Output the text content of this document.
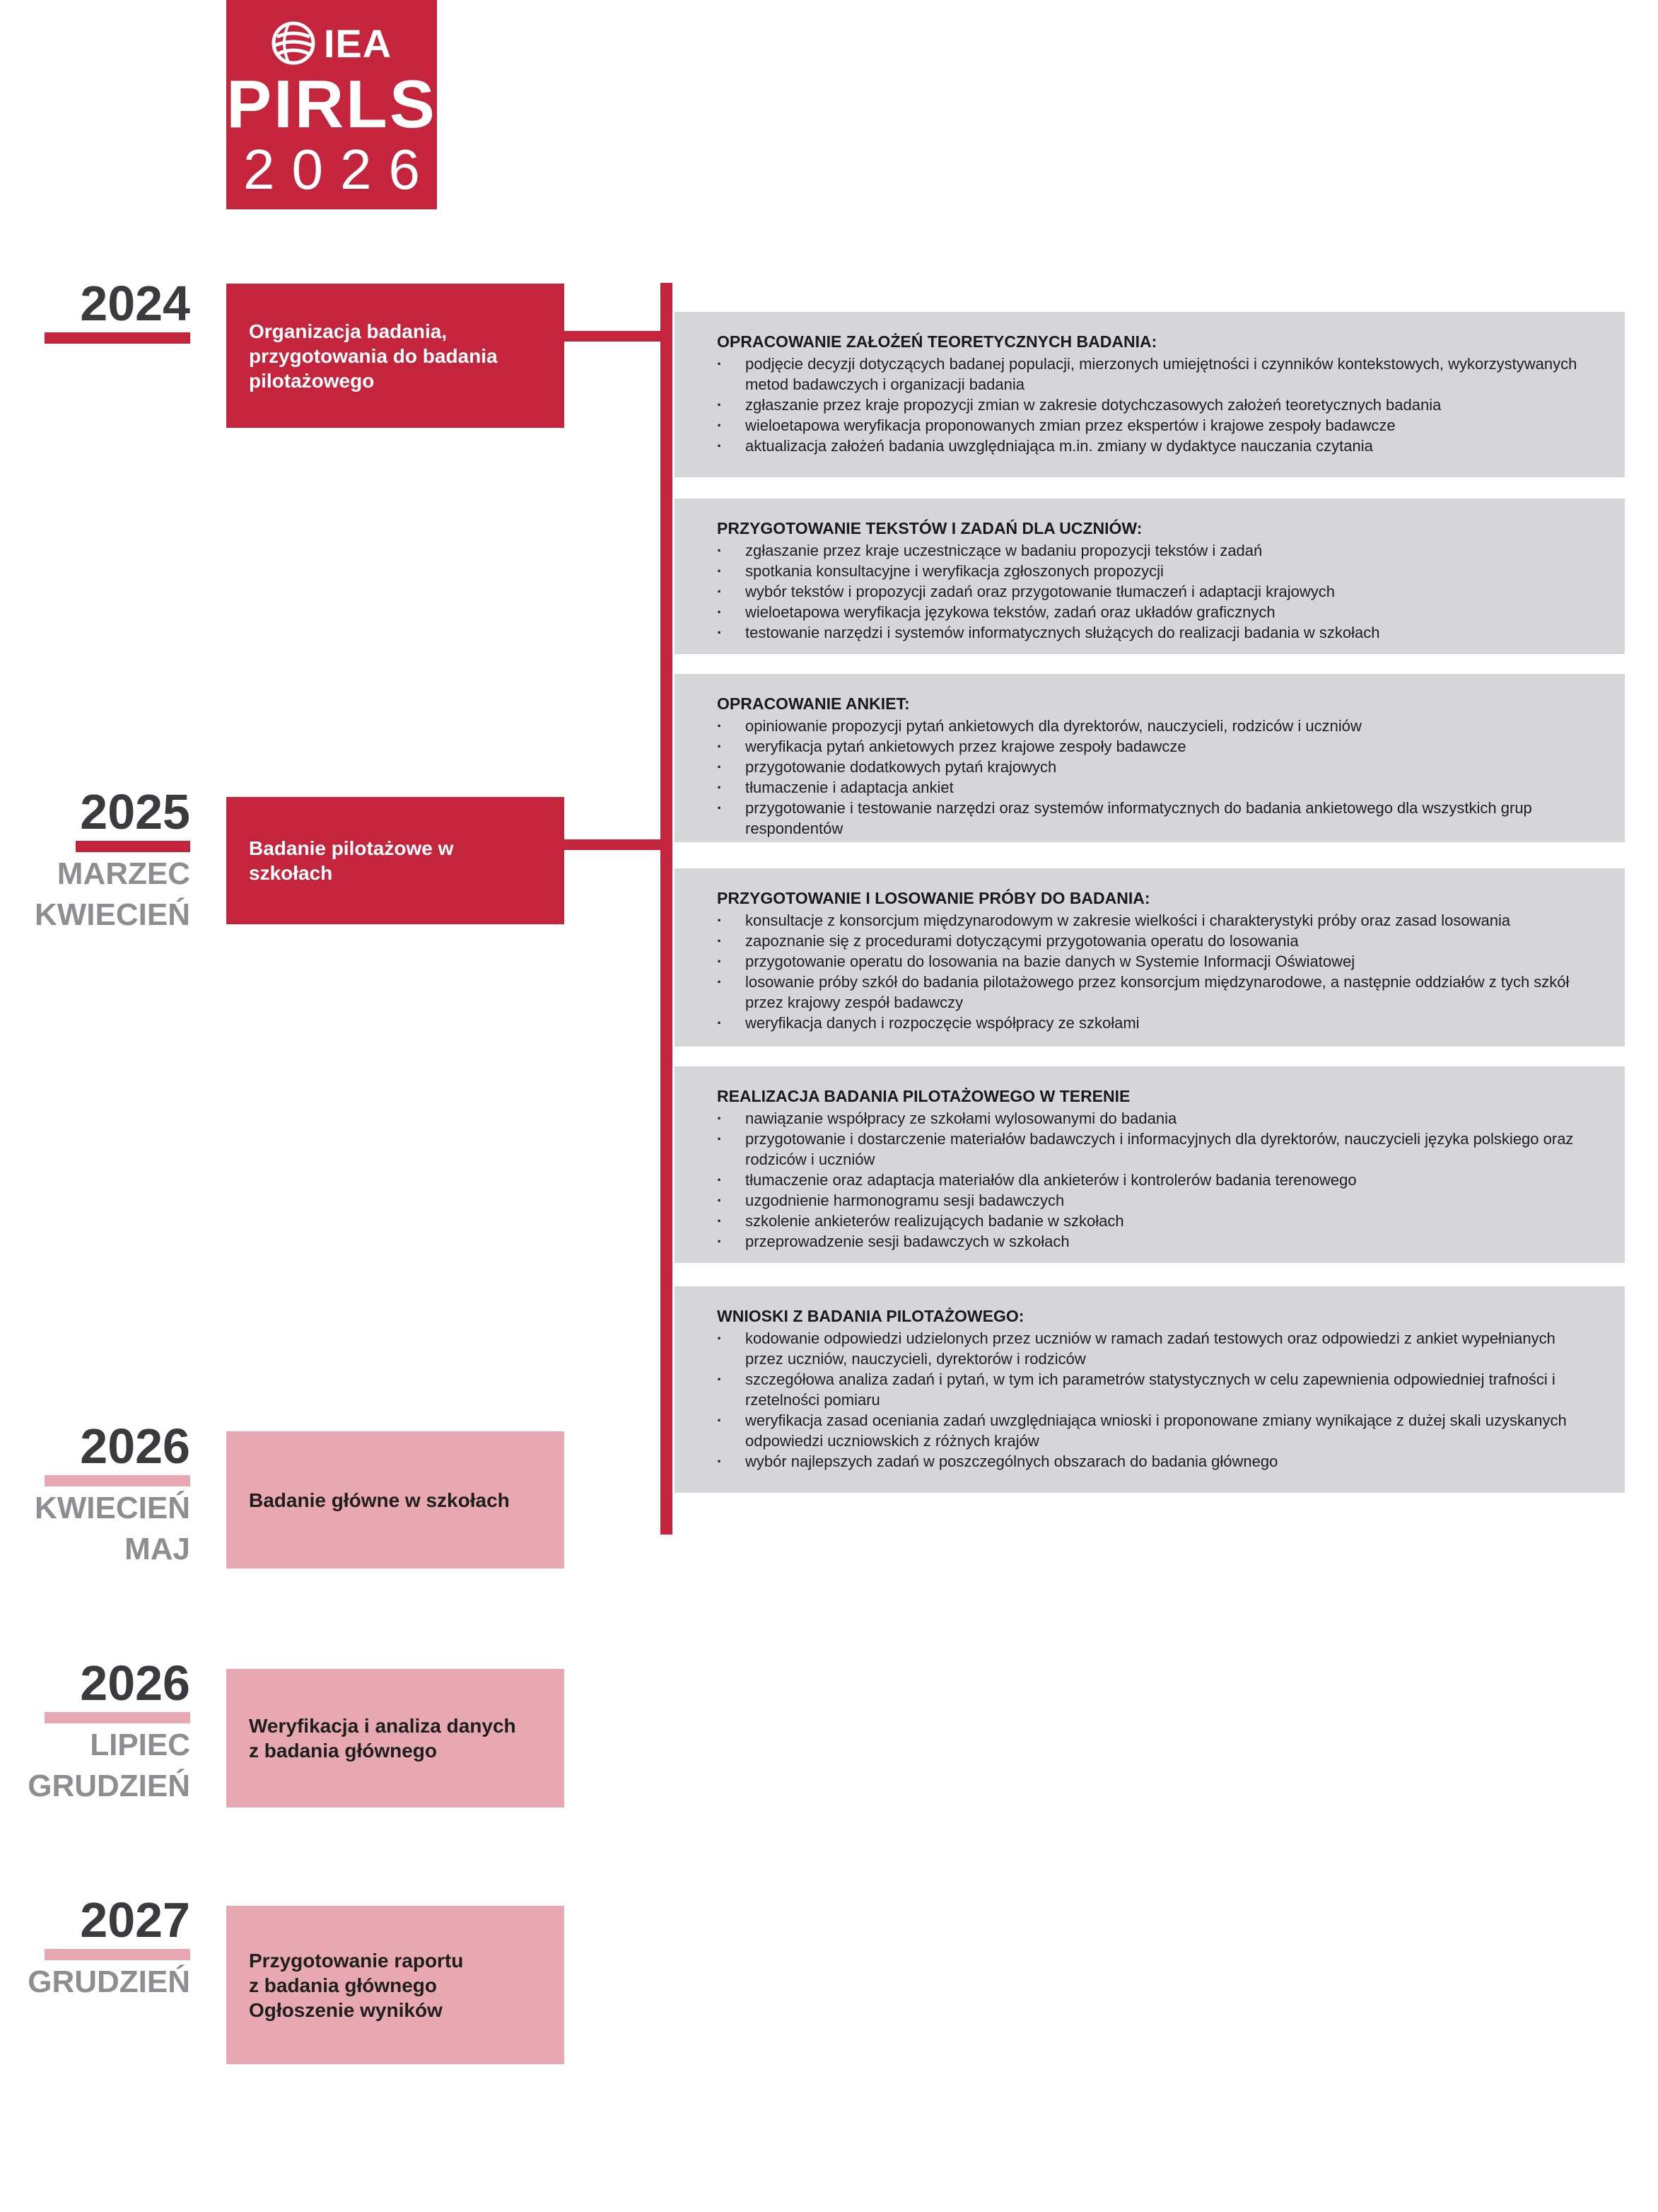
IEA
PIRLS
2026
2024
2025
MARZEC
KWIECIEŃ
2026
KWIECIEŃ
MAJ
2026
LIPIEC
GRUDZIEŃ
2027
GRUDZIEŃ
Organizacja badania,
przygotowania do badania
pilotażowego
Badanie pilotażowe w szkołach
Badanie główne w szkołach
Weryfikacja i analiza danych
z badania głównego
Przygotowanie raportu
z badania głównego
Ogłoszenie wyników
OPRACOWANIE ZAŁOŻEŃ TEORETYCZNYCH BADANIA:
· podjęcie decyzji dotyczących badanej populacji, mierzonych umiejętności i czynników kontekstowych, wykorzystywanych metod badawczych i organizacji badania
· zgłaszanie przez kraje propozycji zmian w zakresie dotychczasowych założeń teoretycznych badania
· wieloetapowa weryfikacja proponowanych zmian przez ekspertów i krajowe zespoły badawcze
· aktualizacja założeń badania uwzględniająca m.in. zmiany w dydaktyce nauczania czytania
PRZYGOTOWANIE TEKSTÓW I ZADAŃ DLA UCZNIÓW:
· zgłaszanie przez kraje uczestniczące w badaniu propozycji tekstów i zadań
· spotkania konsultacyjne i weryfikacja zgłoszonych propozycji
· wybór tekstów i propozycji zadań oraz przygotowanie tłumaczeń i adaptacji krajowych
· wieloetapowa weryfikacja językowa tekstów, zadań oraz układów graficznych
· testowanie narzędzi i systemów informatycznych służących do realizacji badania w szkołach
OPRACOWANIE ANKIET:
· opiniowanie propozycji pytań ankietowych dla dyrektorów, nauczycieli, rodziców i uczniów
· weryfikacja pytań ankietowych przez krajowe zespoły badawcze
· przygotowanie dodatkowych pytań krajowych
· tłumaczenie i adaptacja ankiet
· przygotowanie i testowanie narzędzi oraz systemów informatycznych do badania ankietowego dla wszystkich grup respondentów
PRZYGOTOWANIE I LOSOWANIE PRÓBY DO BADANIA:
· konsultacje z konsorcjum międzynarodowym w zakresie wielkości i charakterystyki próby oraz zasad losowania
· zapoznanie się z procedurami dotyczącymi przygotowania operatu do losowania
· przygotowanie operatu do losowania na bazie danych w Systemie Informacji Oświatowej
· losowanie próby szkół do badania pilotażowego przez konsorcjum międzynarodowe, a następnie oddziałów z tych szkół przez krajowy zespół badawczy
· weryfikacja danych i rozpoczęcie współpracy ze szkołami
REALIZACJA BADANIA PILOTAŻOWEGO W TERENIE
· nawiązanie współpracy ze szkołami wylosowanymi do badania
· przygotowanie i dostarczenie materiałów badawczych i informacyjnych dla dyrektorów, nauczycieli języka polskiego oraz rodziców i uczniów
· tłumaczenie oraz adaptacja materiałów dla ankieterów i kontrolerów badania terenowego
· uzgodnienie harmonogramu sesji badawczych
· szkolenie ankieterów realizujących badanie w szkołach
· przeprowadzenie sesji badawczych w szkołach
WNIOSKI Z BADANIA PILOTAŻOWEGO:
· kodowanie odpowiedzi udzielonych przez uczniów w ramach zadań testowych oraz odpowiedzi z ankiet wypełnianych przez uczniów, nauczycieli, dyrektorów i rodziców
· szczegółowa analiza zadań i pytań, w tym ich parametrów statystycznych w celu zapewnienia odpowiedniej trafności i rzetelności pomiaru
· weryfikacja zasad oceniania zadań uwzględniająca wnioski i proponowane zmiany wynikające z dużej skali uzyskanych odpowiedzi uczniowskich z różnych krajów
· wybór najlepszych zadań w poszczególnych obszarach do badania głównego
